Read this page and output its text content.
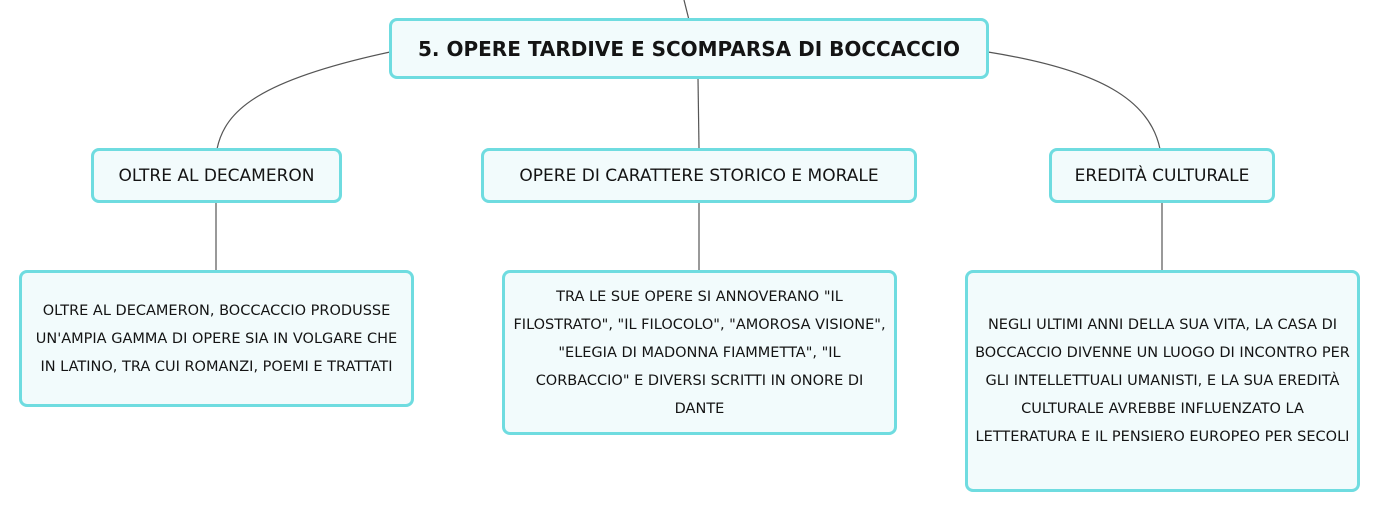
5. OPERE TARDIVE E SCOMPARSA DI BOCCACCIO
OLTRE AL DECAMERON	OPERE DI CARATTERE STORICO E MORALE	EREDITÀ CULTURALE
OLTRE AL DECAMERON, BOCCACCIO PRODUSSE UN'AMPIA GAMMA DI OPERE SIA IN VOLGARE CHE IN LATINO, TRA CUI ROMANZI, POEMI E TRATTATI
TRA LE SUE OPERE SI ANNOVERANO "IL FILOSTRATO", "IL FILOCOLO", "AMOROSA VISIONE", "ELEGIA DI MADONNA FIAMMETTA", "IL CORBACCIO" E DIVERSI SCRITTI IN ONORE DI DANTE
NEGLI ULTIMI ANNI DELLA SUA VITA, LA CASA DI BOCCACCIO DIVENNE UN LUOGO DI INCONTRO PER GLI INTELLETTUALI UMANISTI, E LA SUA EREDITÀ CULTURALE AVREBBE INFLUENZATO LA LETTERATURA E IL PENSIERO EUROPEO PER SECOLI
